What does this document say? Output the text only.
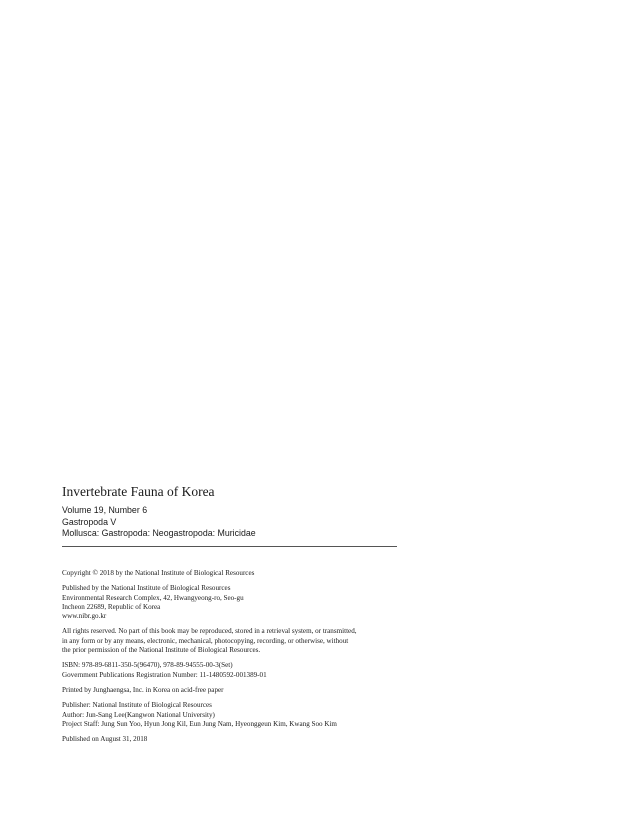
Invertebrate Fauna of Korea
Volume 19, Number 6
Gastropoda V
Mollusca: Gastropoda: Neogastropoda: Muricidae
Copyright © 2018 by the National Institute of Biological Resources
Published by the National Institute of Biological Resources
Environmental Research Complex, 42, Hwangyeong-ro, Seo-gu
Incheon 22689, Republic of Korea
www.nibr.go.kr
All rights reserved. No part of this book may be reproduced, stored in a retrieval system, or transmitted,
in any form or by any means, electronic, mechanical, photocopying, recording, or otherwise, without
the prior permission of the National Institute of Biological Resources.
ISBN: 978-89-6811-350-5(96470), 978-89-94555-00-3(Set)
Government Publications Registration Number: 11-1480592-001389-01
Printed by Junghaengsa, Inc. in Korea on acid-free paper
Publisher: National Institute of Biological Resources
Author: Jun-Sang Lee(Kangwon National University)
Project Staff: Jung Sun Yoo, Hyun Jong Kil, Eun Jung Nam, Hyeonggeun Kim, Kwang Soo Kim
Published on August 31, 2018
